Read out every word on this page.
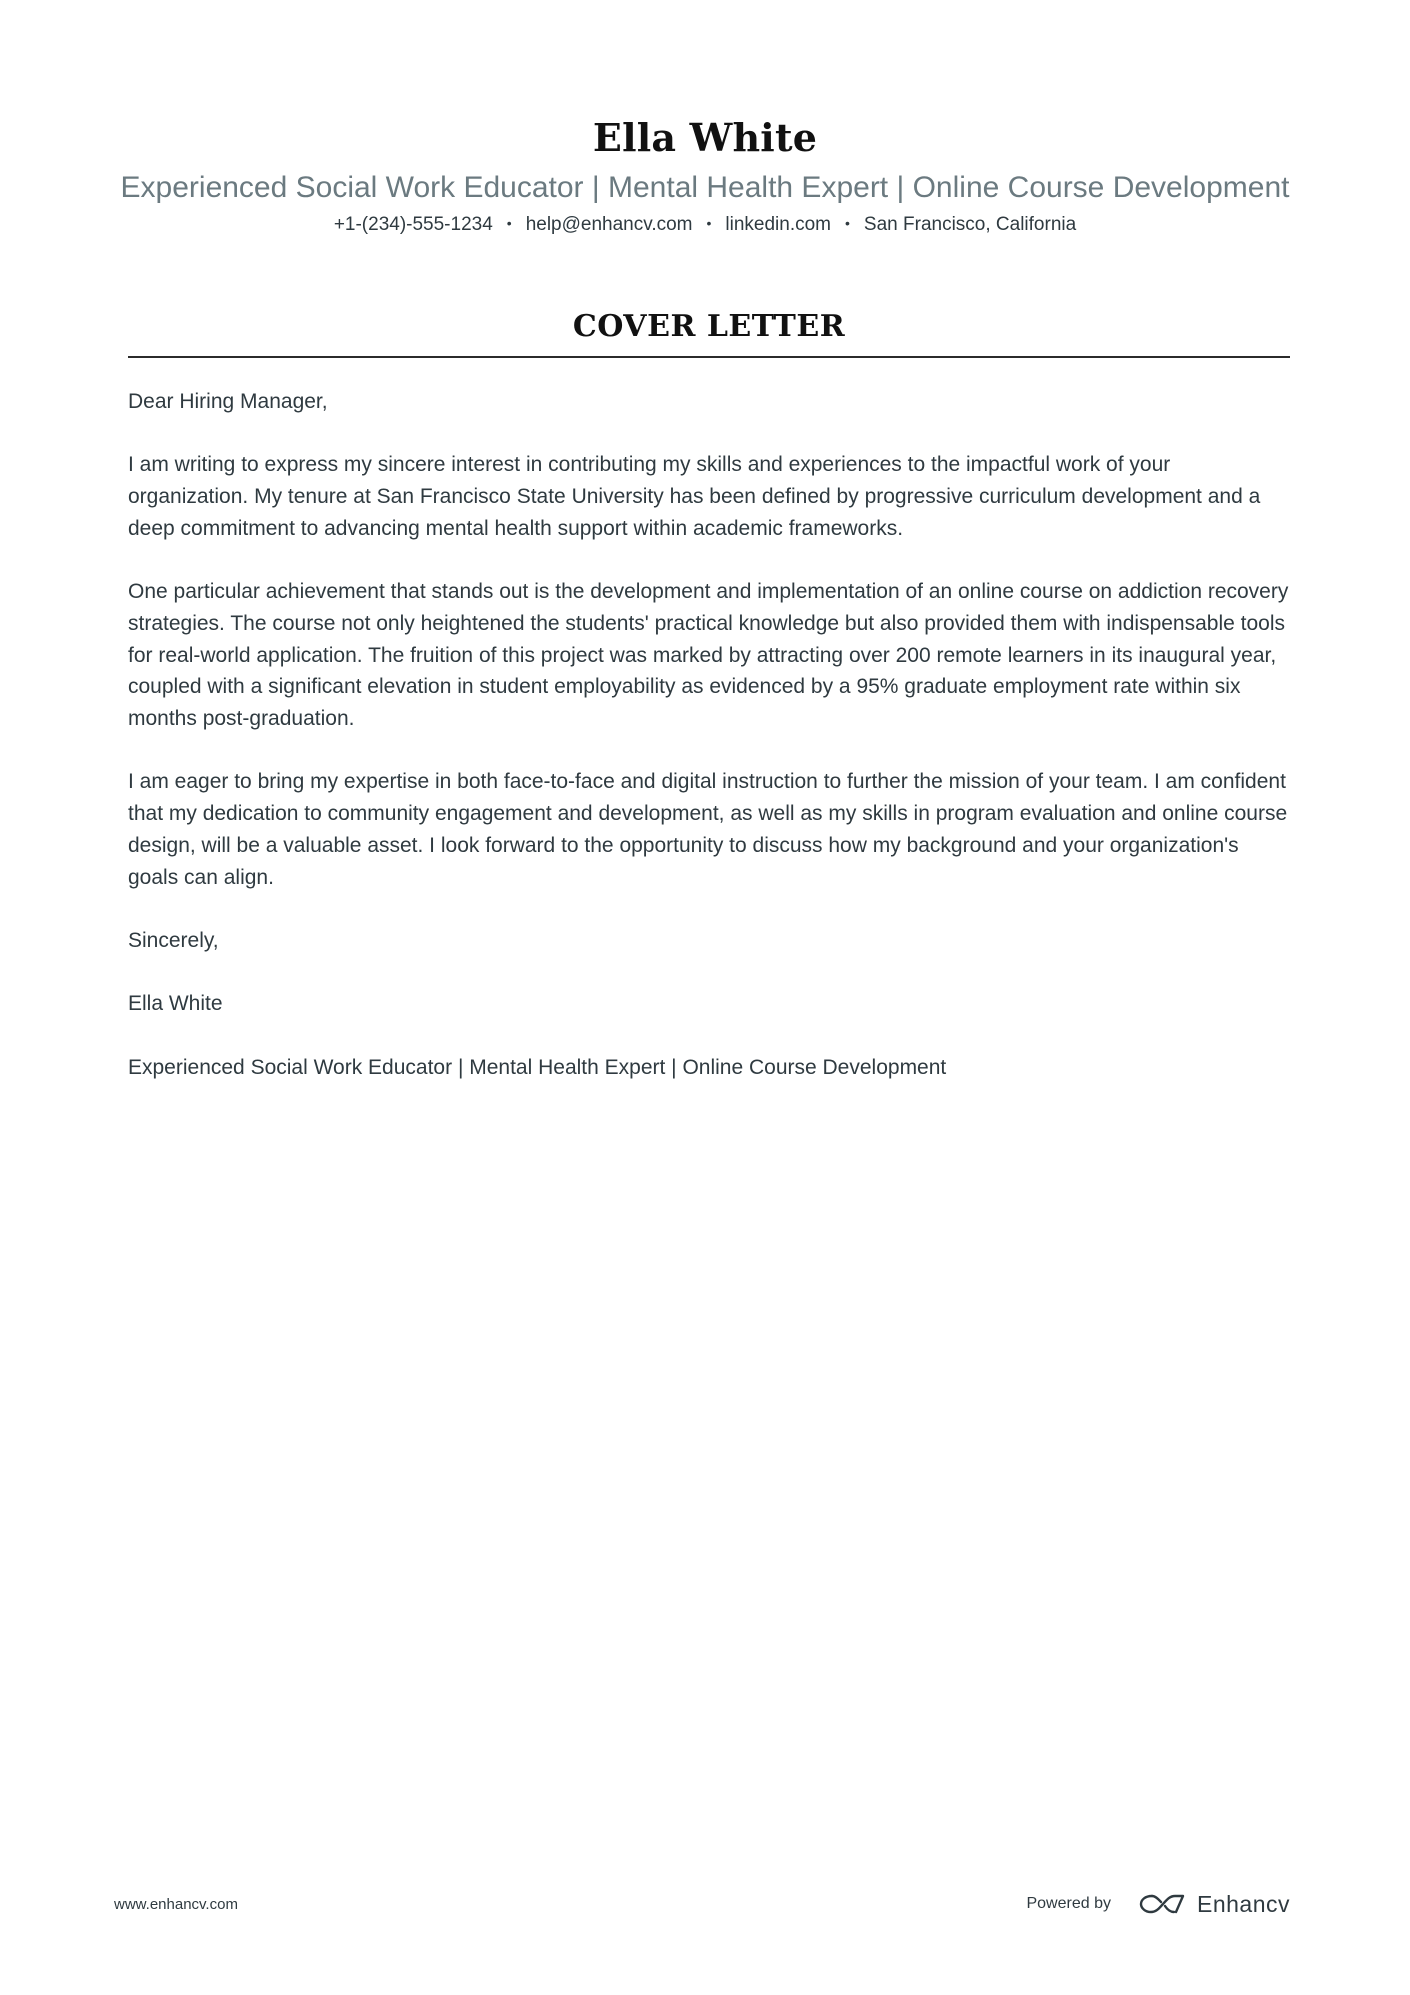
Ella White
Experienced Social Work Educator | Mental Health Expert | Online Course Development
+1-(234)-555-1234 • help@enhancv.com • linkedin.com • San Francisco, California
COVER LETTER

Dear Hiring Manager,

I am writing to express my sincere interest in contributing my skills and experiences to the impactful work of your organization. My tenure at San Francisco State University has been defined by progressive curriculum development and a deep commitment to advancing mental health support within academic frameworks.

One particular achievement that stands out is the development and implementation of an online course on addiction recovery strategies. The course not only heightened the students' practical knowledge but also provided them with indispensable tools for real-world application. The fruition of this project was marked by attracting over 200 remote learners in its inaugural year, coupled with a significant elevation in student employability as evidenced by a 95% graduate employment rate within six months post-graduation.

I am eager to bring my expertise in both face-to-face and digital instruction to further the mission of your team. I am confident that my dedication to community engagement and development, as well as my skills in program evaluation and online course design, will be a valuable asset. I look forward to the opportunity to discuss how my background and your organization's goals can align.

Sincerely,

Ella White

Experienced Social Work Educator | Mental Health Expert | Online Course Development

www.enhancv.com	Powered by	Enhancv
